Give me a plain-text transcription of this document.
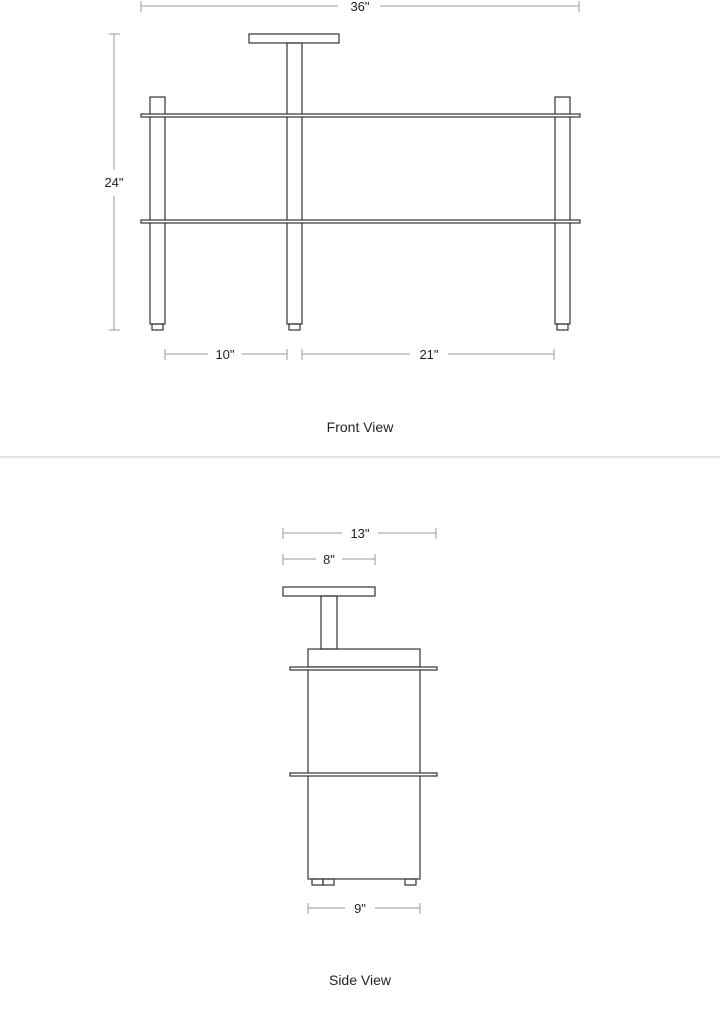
36"
24"
10"	21"
Front View
13"
8"
9"
Side View
